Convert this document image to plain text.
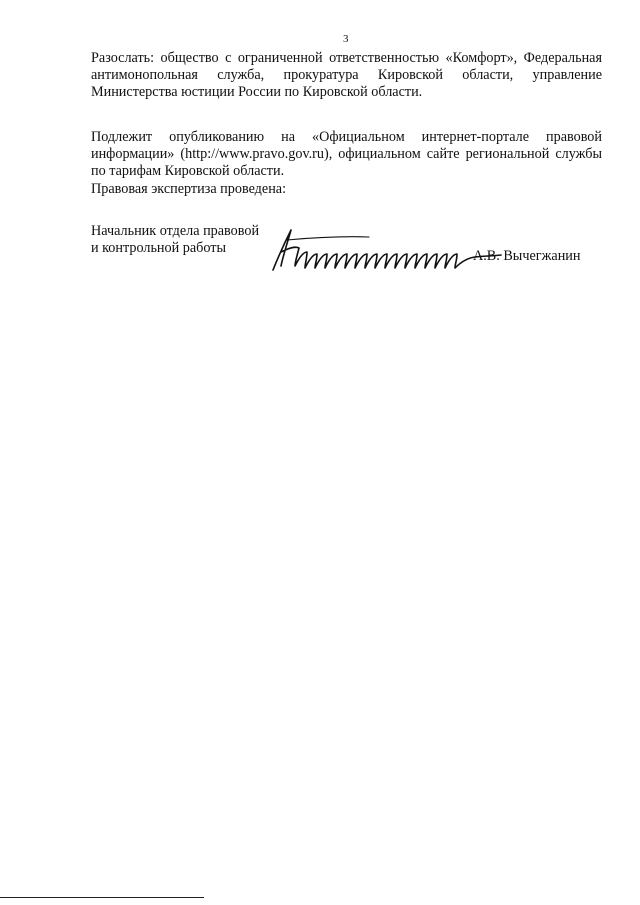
3

Разослать: общество с ограниченной ответственностью «Комфорт», Федеральная антимонопольная служба, прокуратура Кировской области, управление Министерства юстиции России по Кировской области.

Подлежит опубликованию на «Официальном интернет-портале правовой информации» (http://www.pravo.gov.ru), официальном сайте региональной службы по тарифам Кировской области.

Правовая экспертиза проведена:

Начальник отдела правовой
и контрольной работы	А.В. Вычегжанин
